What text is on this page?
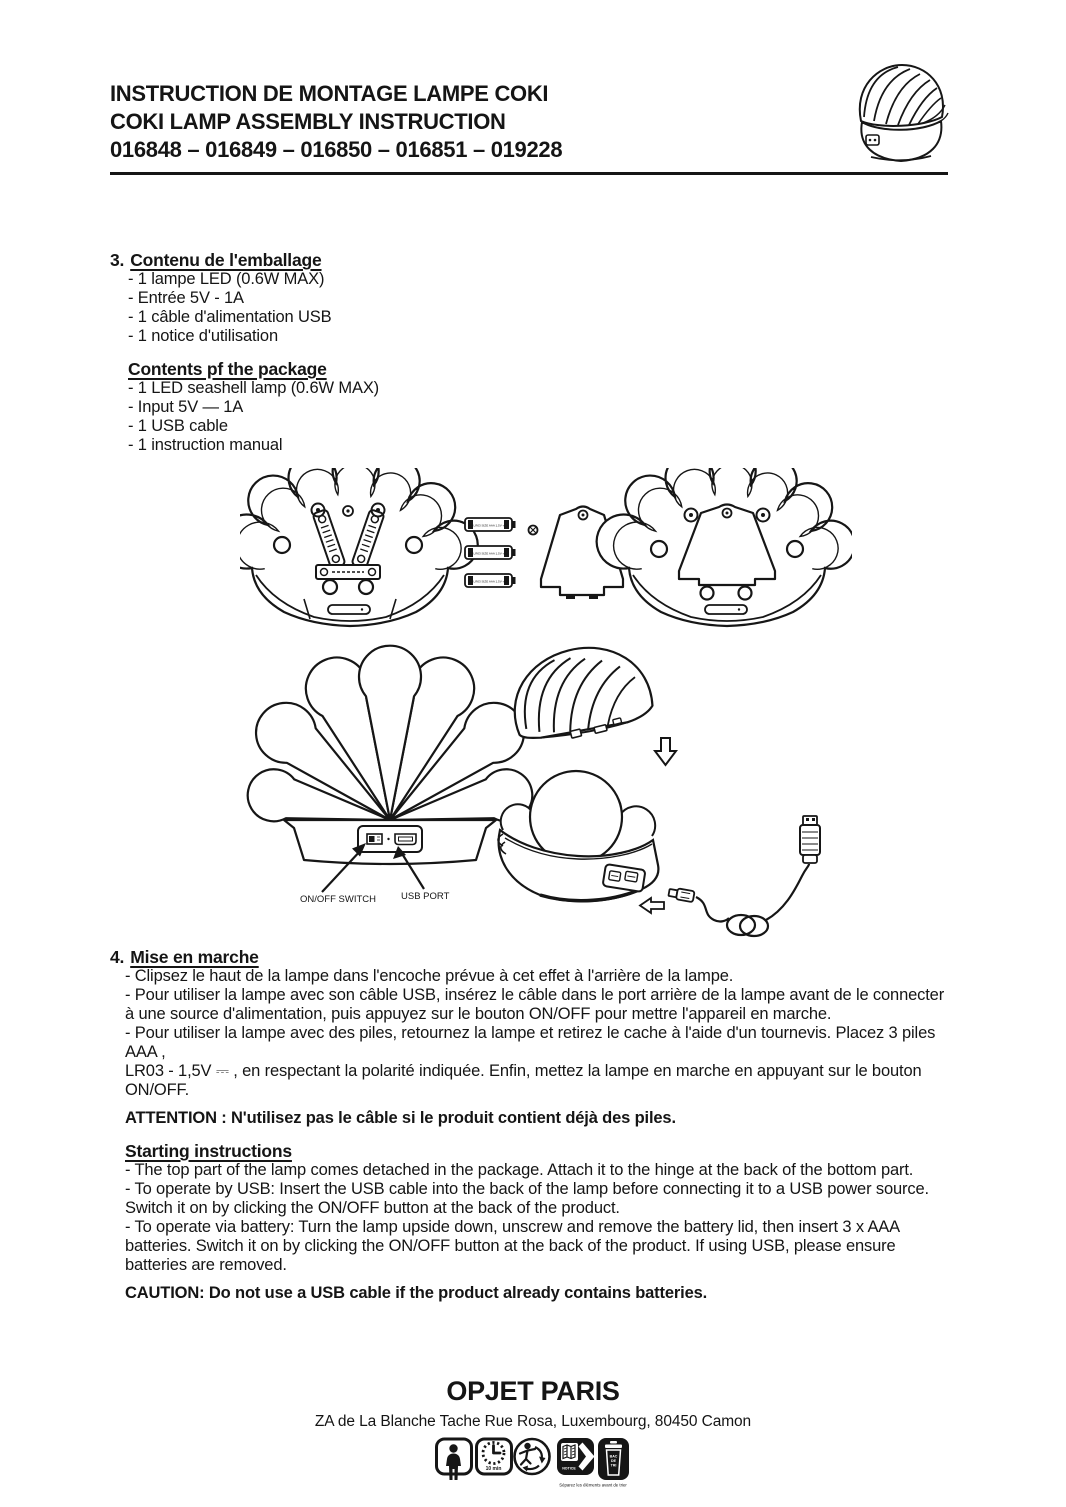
INSTRUCTION DE MONTAGE LAMPE COKI
COKI LAMP ASSEMBLY INSTRUCTION
016848 – 016849 – 016850 – 016851 – 019228
3. Contenu de l'emballage
- 1 lampe LED (0.6W MAX)
- Entrée 5V - 1A
- 1 câble d'alimentation USB
- 1 notice d'utilisation
Contents pf the package
- 1 LED seashell lamp (0.6W MAX)
- Input 5V — 1A
- 1 USB cable
- 1 instruction manual
- LR03 SIZE AAA 1,5V +
- LR03 SIZE AAA 1,5V +
- LR03 SIZE AAA 1,5V +
ON/OFF SWITCH	USB PORT
4. Mise en marche

- Clipsez le haut de la lampe dans l'encoche prévue à cet effet à l'arrière de la lampe.

- Pour utiliser la lampe avec son câble USB, insérez le câble dans le port arrière de la lampe avant de le connecter à une source d'alimentation, puis appuyez sur le bouton ON/OFF pour mettre l'appareil en marche.

- Pour utiliser la lampe avec des piles, retournez la lampe et retirez le cache à l'aide d'un tournevis. Placez 3 piles AAA ,

LR03 - 1,5V ⎓ , en respectant la polarité indiquée. Enfin, mettez la lampe en marche en appuyant sur le bouton ON/OFF.

ATTENTION : N'utilisez pas le câble si le produit contient déjà des piles.
Starting instructions

- The top part of the lamp comes detached in the package. Attach it to the hinge at the back of the bottom part.

- To operate by USB: Insert the USB cable into the back of the lamp before connecting it to a USB power source. Switch it on by clicking the ON/OFF button at the back of the product.

- To operate via battery: Turn the lamp upside down, unscrew and remove the battery lid, then insert 3 x AAA batteries. Switch it on by clicking the ON/OFF button at the back of the product. If using USB, please ensure batteries are removed.

CAUTION: Do not use a USB cable if the product already contains batteries.
OPJET PARIS
ZA de La Blanche Tache Rue Rosa, Luxembourg, 80450 Camon
10 min	NOTICE
BAC
DE
TRI
Séparez les éléments avant de trier
